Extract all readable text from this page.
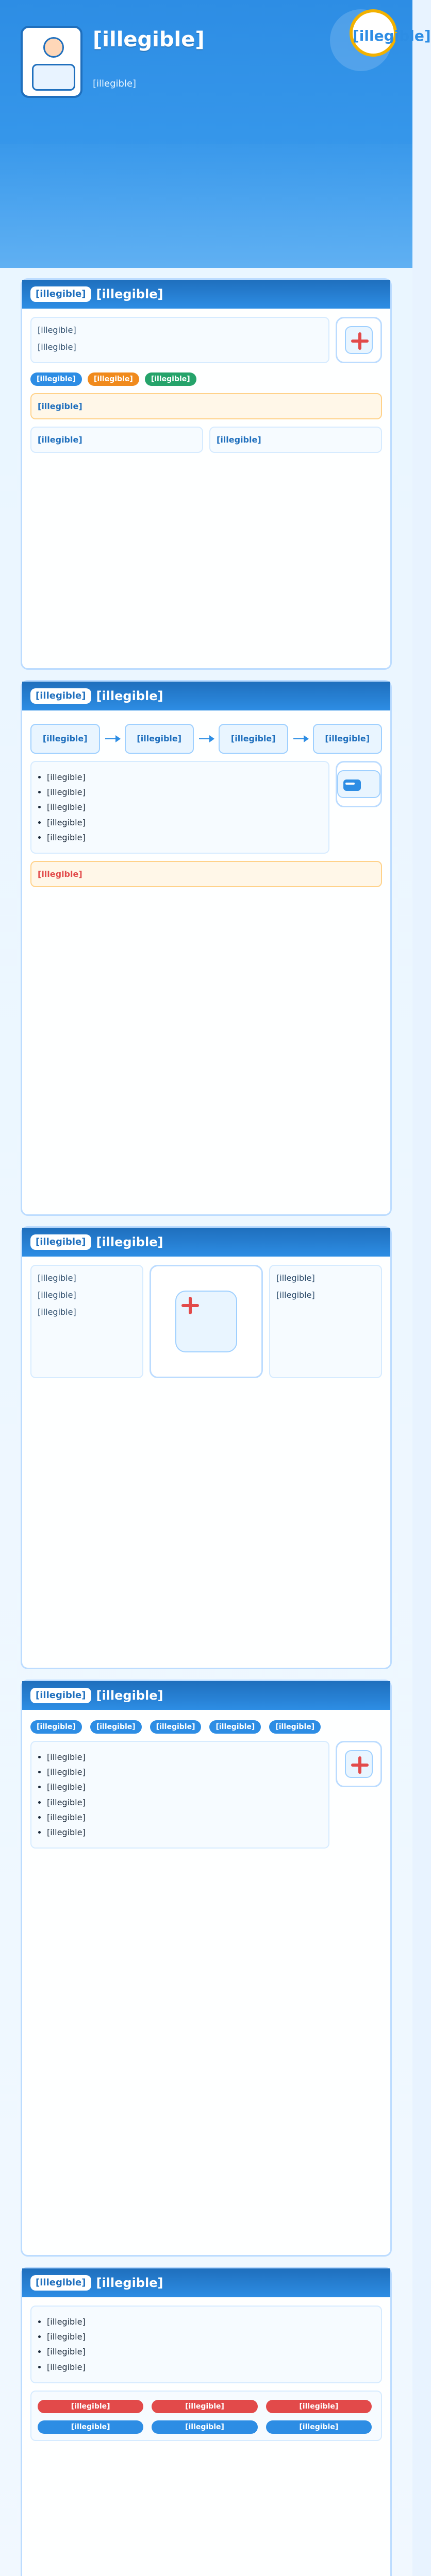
[illegible]
[illegible]
[illegible]
[illegible] [illegible]
[illegible]
[illegible]
[illegible]	[illegible]	[illegible]
[illegible]
[illegible]	[illegible]
[illegible] [illegible]
[illegible]	[illegible]	[illegible]	[illegible]
• [illegible]
• [illegible]
• [illegible]
• [illegible]
• [illegible]
[illegible]
[illegible] [illegible]
[illegible]
[illegible]
[illegible]
[illegible]
[illegible]
[illegible] [illegible]
[illegible]	[illegible]	[illegible]	[illegible]	[illegible]
• [illegible]
• [illegible]
• [illegible]
• [illegible]
• [illegible]
• [illegible]
[illegible] [illegible]
• [illegible]
• [illegible]
• [illegible]
• [illegible]
[illegible]	[illegible]	[illegible]
[illegible]	[illegible]	[illegible]
